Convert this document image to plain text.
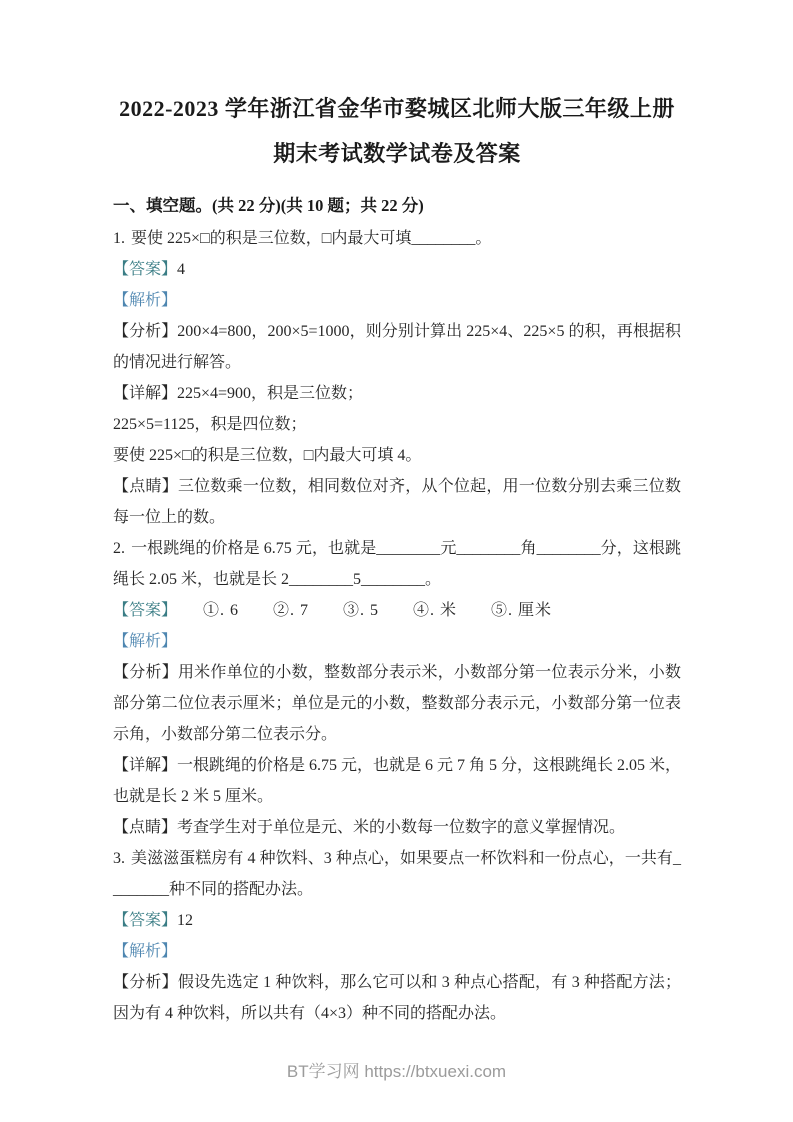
2022-2023 学年浙江省金华市婺城区北师大版三年级上册期末考试数学试卷及答案
一、填空题。(共 22 分)(共 10 题；共 22 分)

1. 要使 225×□的积是三位数，□内最大可填________。

【答案】4

【解析】

【分析】200×4=800，200×5=1000，则分别计算出 225×4、225×5 的积，再根据积的情况进行解答。

【详解】225×4=900，积是三位数；

225×5=1125，积是四位数；

要使 225×□的积是三位数，□内最大可填 4。

【点睛】三位数乘一位数，相同数位对齐，从个位起，用一位数分别去乘三位数每一位上的数。

2. 一根跳绳的价格是 6.75 元，也就是________元________角________分，这根跳绳长 2.05 米，也就是长 2________5________。

【答案】 ①. 6　　②. 7　　③. 5　　④. 米　　⑤. 厘米

【解析】

【分析】用米作单位的小数，整数部分表示米，小数部分第一位表示分米，小数部分第二位位表示厘米；单位是元的小数，整数部分表示元，小数部分第一位表示角，小数部分第二位表示分。

【详解】一根跳绳的价格是 6.75 元，也就是 6 元 7 角 5 分，这根跳绳长 2.05 米，也就是长 2 米 5 厘米。

【点睛】考查学生对于单位是元、米的小数每一位数字的意义掌握情况。

3. 美滋滋蛋糕房有 4 种饮料、3 种点心，如果要点一杯饮料和一份点心，一共有________种不同的搭配办法。

【答案】12

【解析】

【分析】假设先选定 1 种饮料，那么它可以和 3 种点心搭配，有 3 种搭配方法；因为有 4 种饮料，所以共有（4×3）种不同的搭配办法。

BT学习网 https://btxuexi.com
